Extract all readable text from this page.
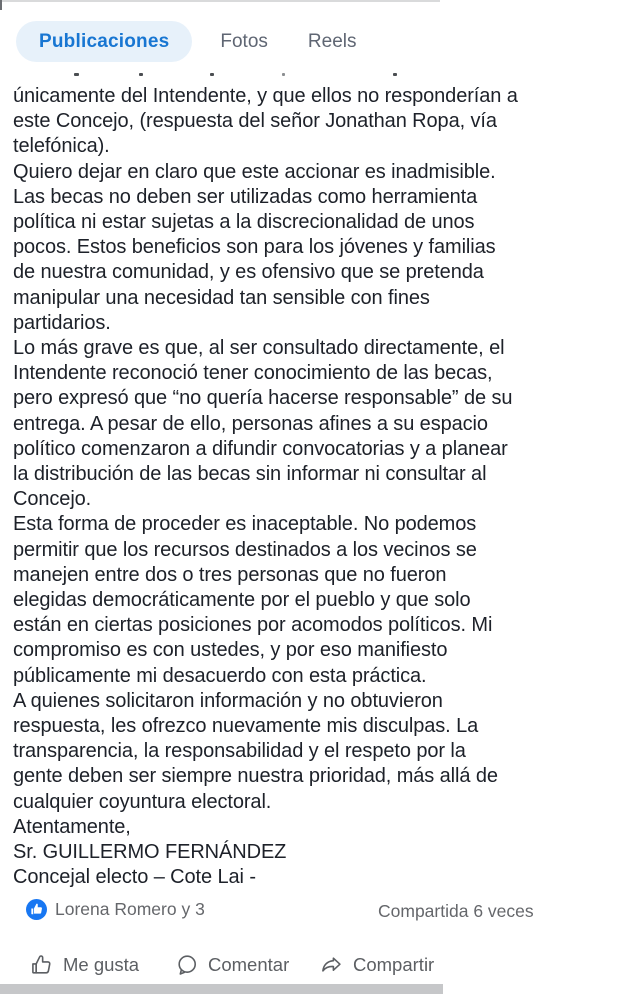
Publicaciones	Fotos Reels
únicamente del Intendente, y que ellos no responderían a
este Concejo, (respuesta del señor Jonathan Ropa, vía
telefónica).
Quiero dejar en claro que este accionar es inadmisible.
Las becas no deben ser utilizadas como herramienta
política ni estar sujetas a la discrecionalidad de unos
pocos. Estos beneficios son para los jóvenes y familias
de nuestra comunidad, y es ofensivo que se pretenda
manipular una necesidad tan sensible con fines
partidarios.
Lo más grave es que, al ser consultado directamente, el
Intendente reconoció tener conocimiento de las becas,
pero expresó que “no quería hacerse responsable” de su
entrega. A pesar de ello, personas afines a su espacio
político comenzaron a difundir convocatorias y a planear
la distribución de las becas sin informar ni consultar al
Concejo.
Esta forma de proceder es inaceptable. No podemos
permitir que los recursos destinados a los vecinos se
manejen entre dos o tres personas que no fueron
elegidas democráticamente por el pueblo y que solo
están en ciertas posiciones por acomodos políticos. Mi
compromiso es con ustedes, y por eso manifiesto
públicamente mi desacuerdo con esta práctica.
A quienes solicitaron información y no obtuvieron
respuesta, les ofrezco nuevamente mis disculpas. La
transparencia, la responsabilidad y el respeto por la
gente deben ser siempre nuestra prioridad, más allá de
cualquier coyuntura electoral.
Atentamente,
Sr. GUILLERMO FERNÁNDEZ
Concejal electo – Cote Lai -
Lorena Romero y 3	Compartida 6 veces
Me gusta	Comentar	Compartir
